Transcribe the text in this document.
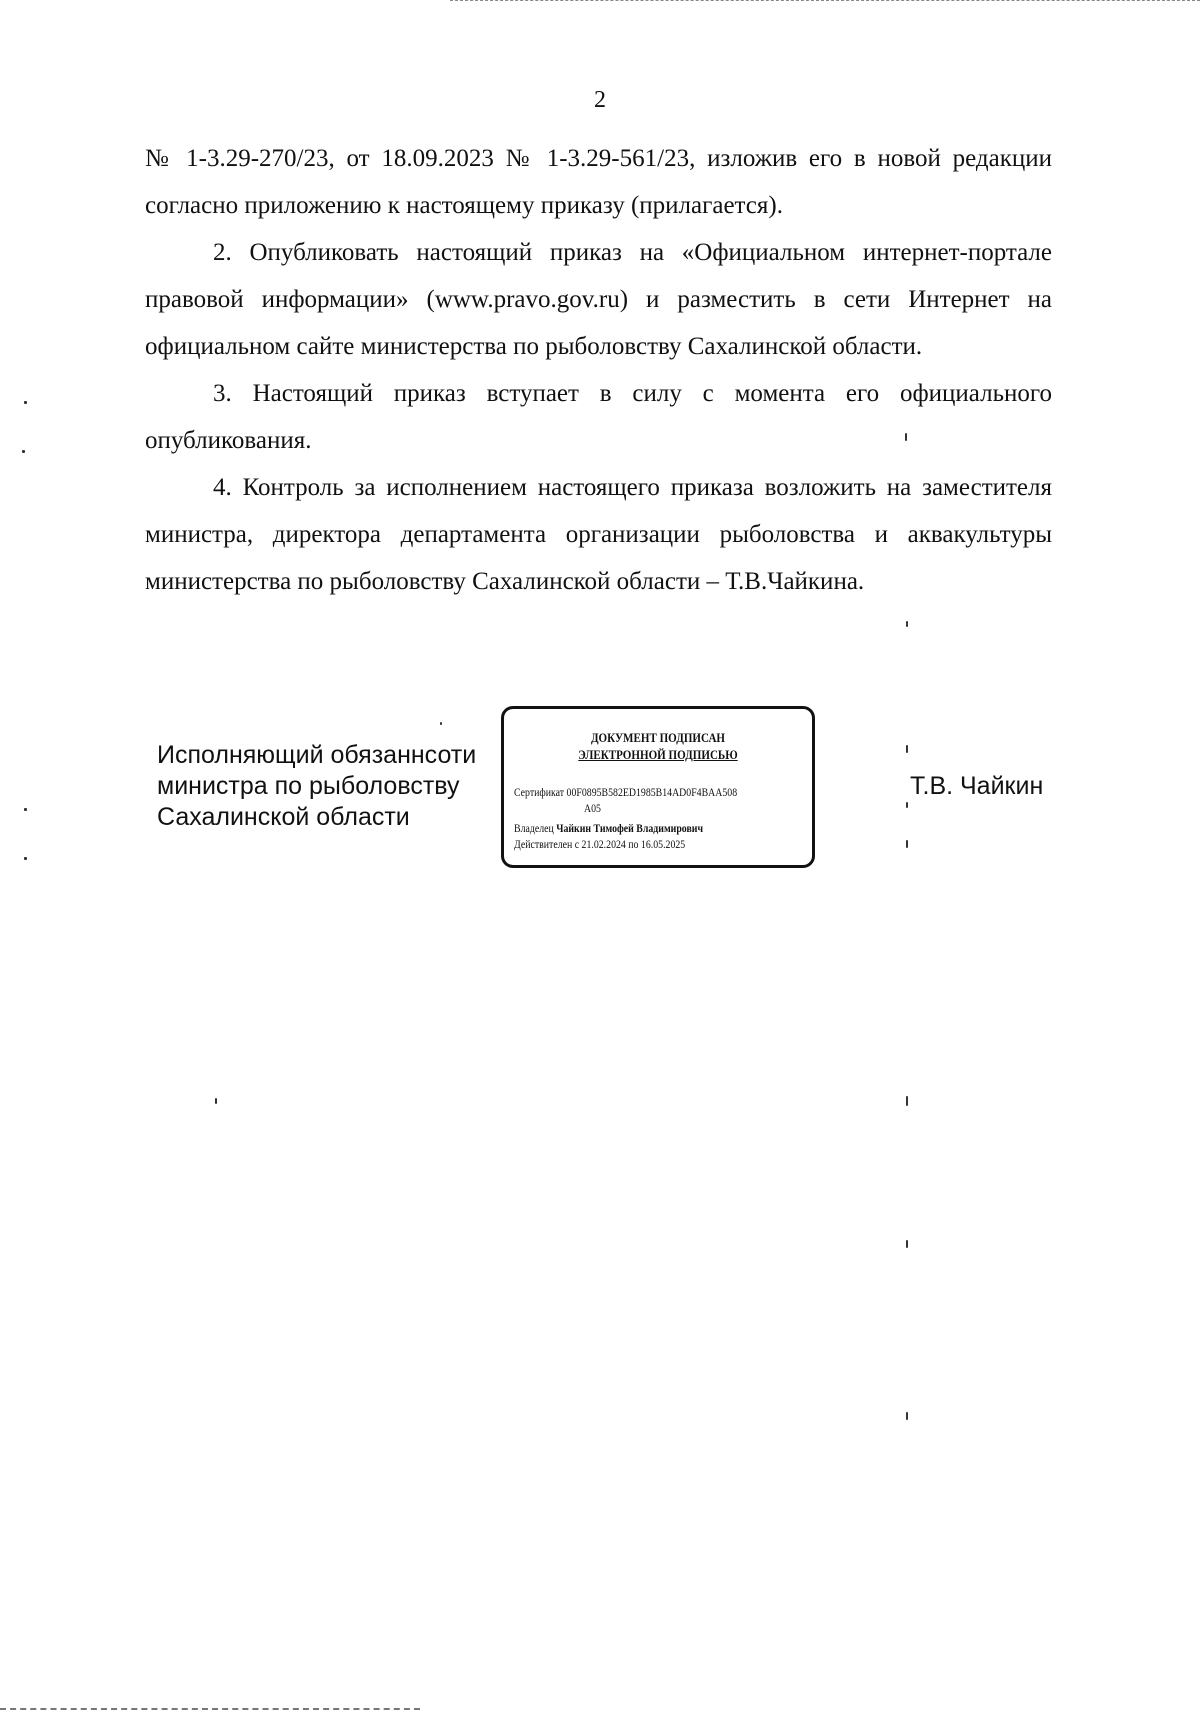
2

№ 1-3.29-270/23, от 18.09.2023 № 1-3.29-561/23, изложив его в новой редакции согласно приложению к настоящему приказу (прилагается).

2. Опубликовать настоящий приказ на «Официальном интернет-портале правовой информации» (www.pravo.gov.ru) и разместить в сети Интернет на официальном сайте министерства по рыболовству Сахалинской области.

3. Настоящий приказ вступает в силу с момента его официального опубликования.

4. Контроль за исполнением настоящего приказа возложить на заместителя министра, директора департамента организации рыболовства и аквакультуры министерства по рыболовству Сахалинской области – Т.В.Чайкина.

Исполняющий обязаннсоти
министра по рыболовству
Сахалинской области
ДОКУМЕНТ ПОДПИСАН
ЭЛЕКТРОННОЙ ПОДПИСЬЮ
Сертификат 00F0895B582ED1985B14AD0F4BAA508
A05
Владелец Чайкин Тимофей Владимирович
Действителен с 21.02.2024 по 16.05.2025
Т.В. Чайкин
